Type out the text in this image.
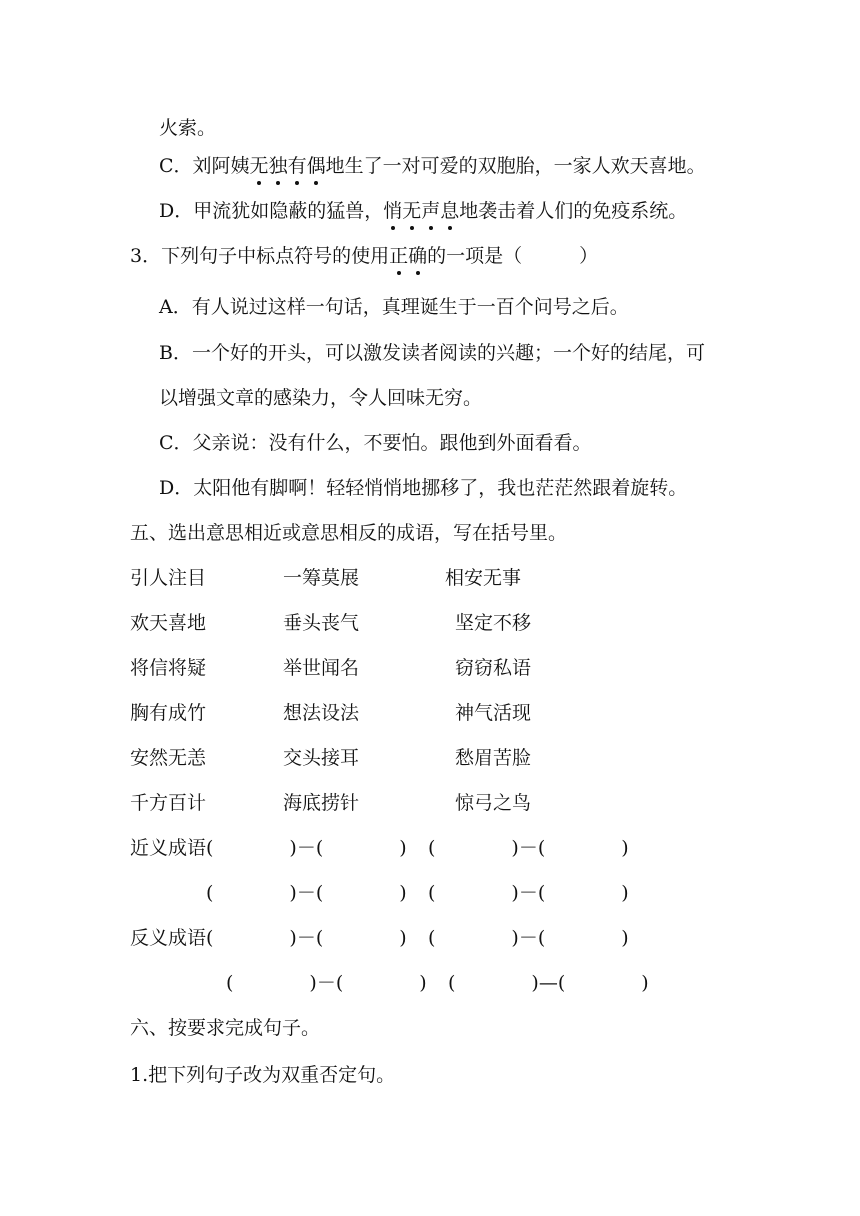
火索。
C．刘阿姨无独有偶地生了一对可爱的双胞胎，一家人欢天喜地。
D．甲流犹如隐蔽的猛兽，悄无声息地袭击着人们的免疫系统。
3．下列句子中标点符号的使用正确的一项是（　　　）
A．有人说过这样一句话，真理诞生于一百个问号之后。
B．一个好的开头，可以激发读者阅读的兴趣；一个好的结尾，可
以增强文章的感染力，令人回味无穷。
C．父亲说：没有什么，不要怕。跟他到外面看看。
D．太阳他有脚啊！轻轻悄悄地挪移了，我也茫茫然跟着旋转。
五、选出意思相近或意思相反的成语，写在括号里。
引人注目	一筹莫展	相安无事
欢天喜地	垂头丧气	坚定不移
将信将疑	举世闻名	窃窃私语
胸有成竹	想法设法	神气活现
安然无恙	交头接耳	愁眉苦脸
千方百计	海底捞针	惊弓之鸟
近义成语 (　　　　)－(　　　　) (　　　　)－(　　　　)
(　　　　)－(　　　　) (　　　　)－(　　　　)
反义成语 (　　　　)－(　　　　) (　　　　)－(　　　　)
(　　　　)－(　　　　) (　　　　)—(　　　　)
六、按要求完成句子。
1.把下列句子改为双重否定句。
